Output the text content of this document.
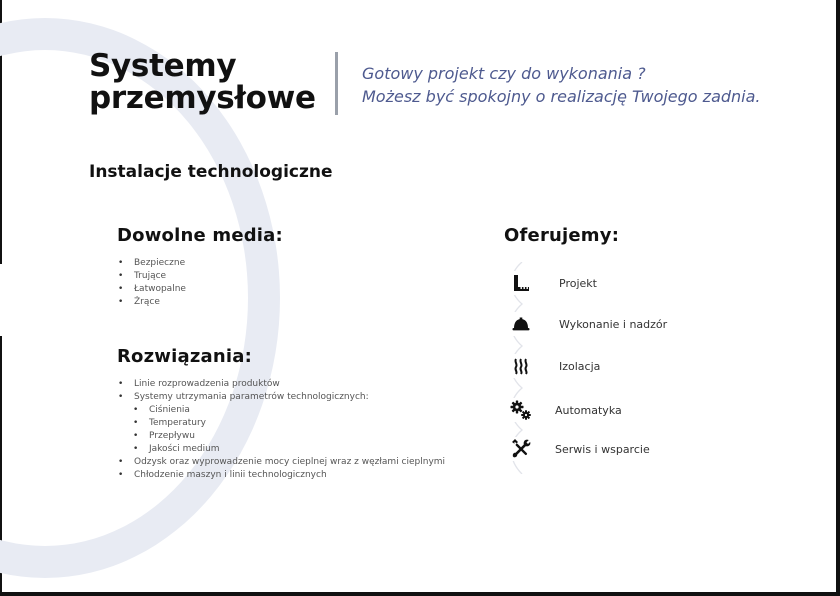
Systemy
przemysłowe
Gotowy projekt czy do wykonania ?
Możesz być spokojny o realizację Twojego zadnia.
Instalacje technologiczne
Dowolne media:
• Bezpieczne
• Trujące
• Łatwopalne
• Żrące
Rozwiązania:
• Linie rozprowadzenia produktów
• Systemy utrzymania parametrów technologicznych:
• Ciśnienia
• Temperatury
• Przepływu
• Jakości medium
• Odzysk oraz wyprowadzenie mocy cieplnej wraz z węzłami cieplnymi
• Chłodzenie maszyn i linii technologicznych
Oferujemy:
Projekt
Wykonanie i nadzór
Izolacja
Automatyka
Serwis i wsparcie
